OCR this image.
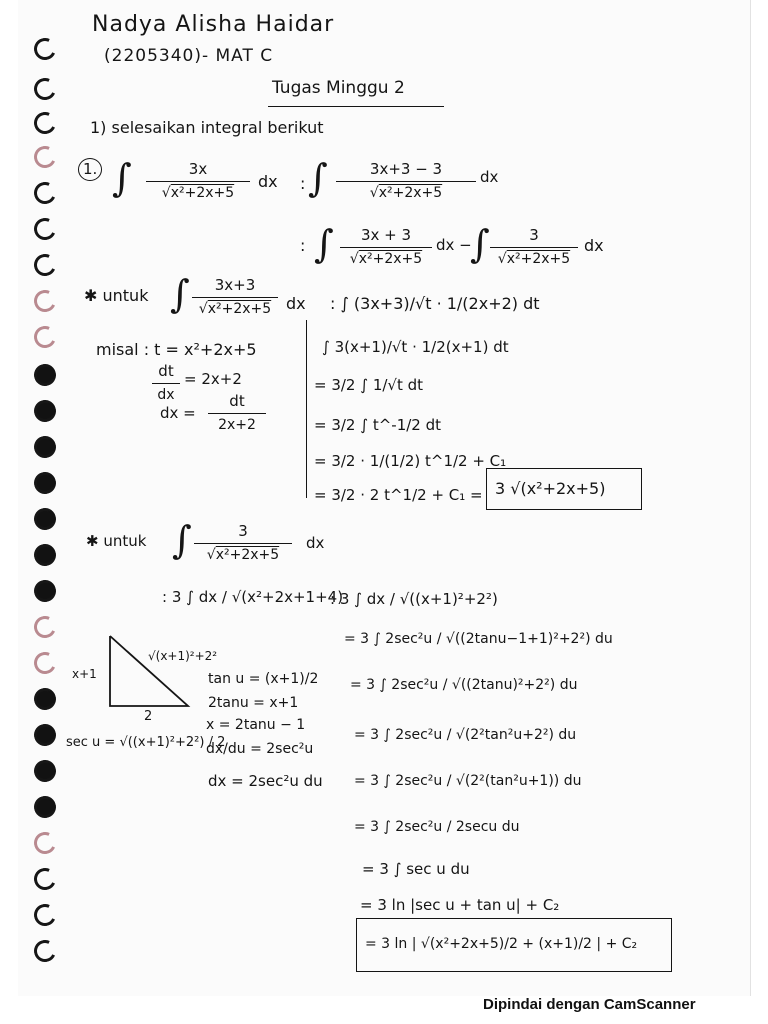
Nadya Alisha Haidar
(2205340)- MAT C
Tugas Minggu 2
1) selesaikan integral berikut
1. ∫	3x
√x²+2x+5
dx : ∫	3x+3 − 3
√x²+2x+5
dx
: ∫	3x + 3
√x²+2x+5
dx −
∫	3
√x²+2x+5
dx
✱ untuk ∫	3x+3
√x²+2x+5 dx : ∫ (3x+3)/√t · 1/(2x+2) dt
misal : t = x²+2x+5
dt
dx
= 2x+2
dx =
dt
2x+2
∫ 3(x+1)/√t · 1/2(x+1) dt
= 3/2 ∫ 1/√t dt
= 3/2 ∫ t^-1/2 dt
= 3/2 · 1/(1/2) t^1/2 + C₁
= 3/2 · 2 t^1/2 + C₁ = 3 √(x²+2x+5)
✱ untuk ∫	3
√x²+2x+5
dx
: 3 ∫ dx / √(x²+2x+1+4)
: 3 ∫ dx / √((x+1)²+2²)
= 3 ∫ 2sec²u / √((2tanu−1+1)²+2²) du
= 3 ∫ 2sec²u / √((2tanu)²+2²) du
= 3 ∫ 2sec²u / √(2²tan²u+2²) du
= 3 ∫ 2sec²u / √(2²(tan²u+1)) du
= 3 ∫ 2sec²u / 2secu du
= 3 ∫ sec u du
= 3 ln |sec u + tan u| + C₂
= 3 ln | √(x²+2x+5)/2 + (x+1)/2 | + C₂
√(x+1)²+2²
x+1
2
tan u = (x+1)/2
2tanu = x+1
x = 2tanu − 1
dx/du = 2sec²u
dx = 2sec²u du
sec u = √((x+1)²+2²) / 2
Dipindai dengan CamScanner
